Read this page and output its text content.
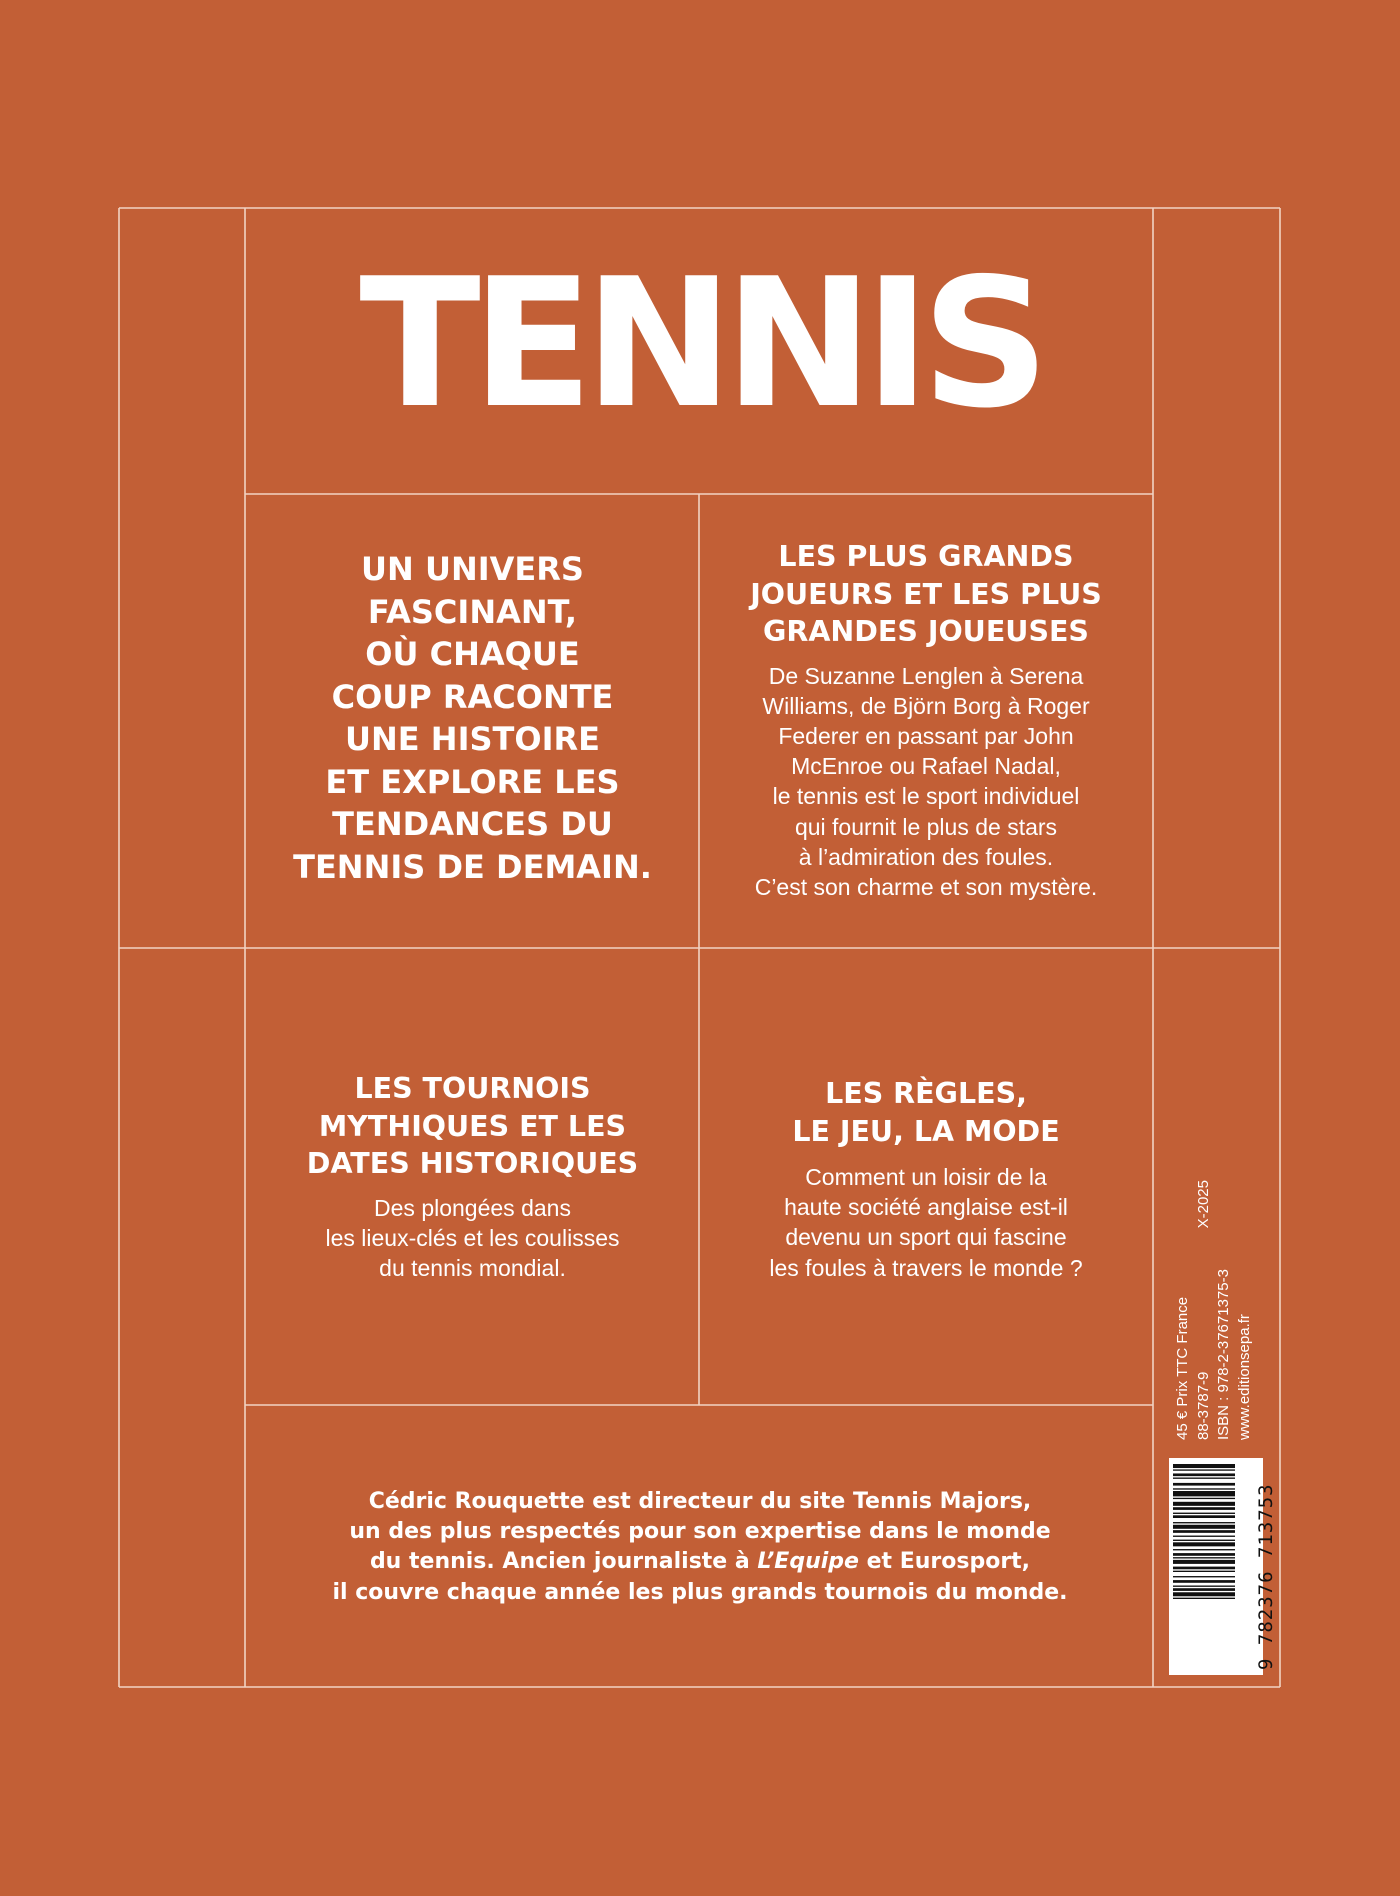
TENNIS
UN UNIVERS
FASCINANT,
OÙ CHAQUE
COUP RACONTE
UNE HISTOIRE
ET EXPLORE LES
TENDANCES DU
TENNIS DE DEMAIN.
LES PLUS GRANDS
JOUEURS ET LES PLUS
GRANDES JOUEUSES

De Suzanne Lenglen à Serena
Williams, de Björn Borg à Roger
Federer en passant par John
McEnroe ou Rafael Nadal,
le tennis est le sport individuel
qui fournit le plus de stars
à l’admiration des foules.
C’est son charme et son mystère.

LES TOURNOIS
MYTHIQUES ET LES
DATES HISTORIQUES

Des plongées dans
les lieux-clés et les coulisses
du tennis mondial.

LES RÈGLES,
LE JEU, LA MODE

Comment un loisir de la
haute société anglaise est-il
devenu un sport qui fascine
les foules à travers le monde ?

Cédric Rouquette est directeur du site Tennis Majors,
un des plus respectés pour son expertise dans le monde
du tennis. Ancien journaliste à L’Equipe et Eurosport,
il couvre chaque année les plus grands tournois du monde.

45 € Prix TTC France 88-3787-9
X-2025
ISBN : 978-2-37671375-3 www.editionsepa.fr
9 782376 713753
